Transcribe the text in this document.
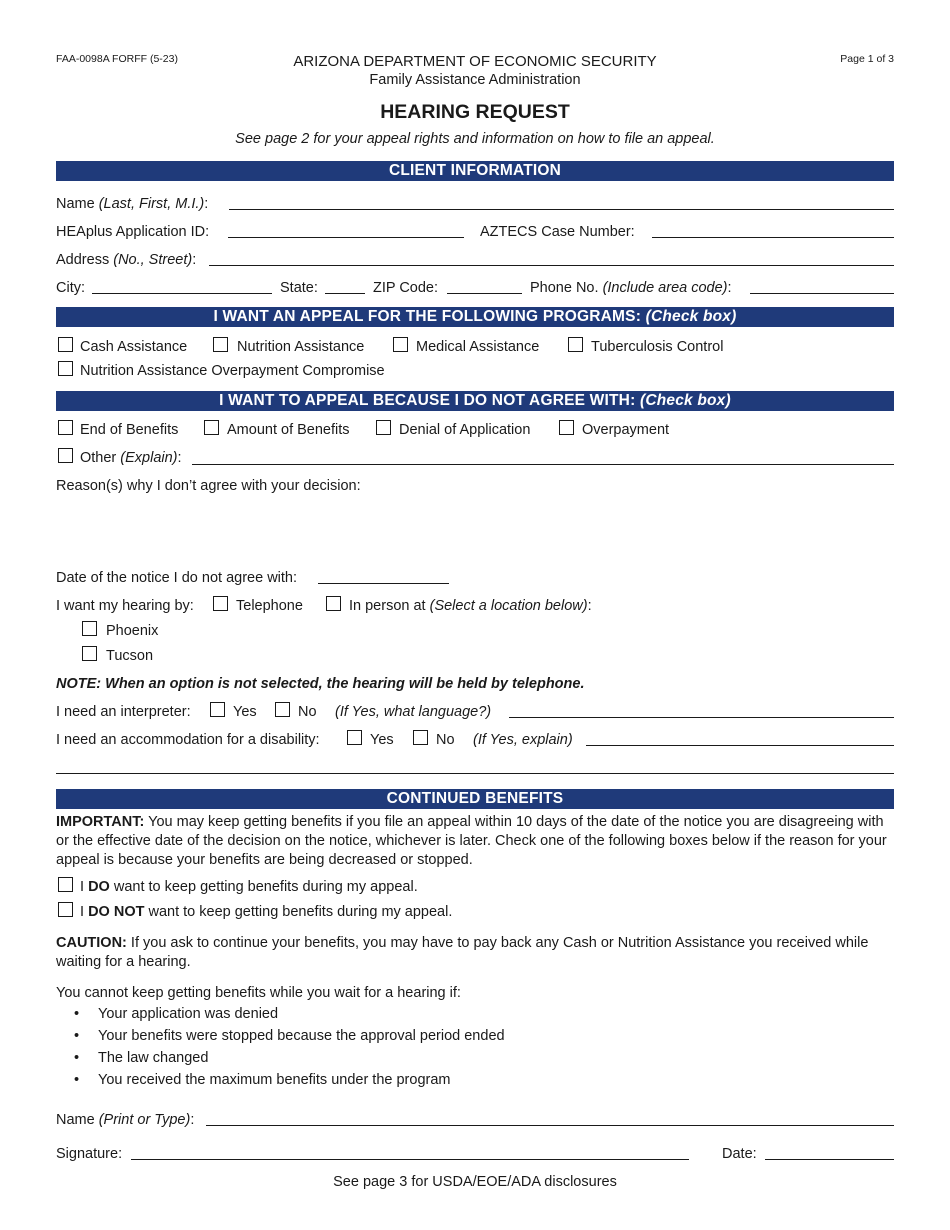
FAA-0098A FORFF (5-23)	ARIZONA DEPARTMENT OF ECONOMIC SECURITY
Family Assistance Administration
Page 1 of 3
HEARING REQUEST
See page 2 for your appeal rights and information on how to file an appeal.
CLIENT INFORMATION
Name (Last, First, M.I.):
HEAplus Application ID:	AZTECS Case Number:
Address (No., Street):
City:	State:	ZIP Code:	Phone No. (Include area code):
I WANT AN APPEAL FOR THE FOLLOWING PROGRAMS: (Check box)
Cash Assistance	Nutrition Assistance	Medical Assistance	Tuberculosis Control
Nutrition Assistance Overpayment Compromise
I WANT TO APPEAL BECAUSE I DO NOT AGREE WITH: (Check box)
End of Benefits	Amount of Benefits	Denial of Application	Overpayment
Other (Explain):
Reason(s) why I don’t agree with your decision:
Date of the notice I do not agree with:
I want my hearing by:	Telephone	In person at (Select a location below):
Phoenix
Tucson
NOTE: When an option is not selected, the hearing will be held by telephone.
I need an interpreter:	Yes	No (If Yes, what language?)
I need an accommodation for a disability:	Yes	No (If Yes, explain)
CONTINUED BENEFITS
IMPORTANT: You may keep getting benefits if you file an appeal within 10 days of the date of the notice you are disagreeing with or the effective date of the decision on the notice, whichever is later. Check one of the following boxes below if the reason for your appeal is because your benefits are being decreased or stopped.
I DO want to keep getting benefits during my appeal.
I DO NOT want to keep getting benefits during my appeal.
CAUTION: If you ask to continue your benefits, you may have to pay back any Cash or Nutrition Assistance you received while waiting for a hearing.
You cannot keep getting benefits while you wait for a hearing if:
• Your application was denied
• Your benefits were stopped because the approval period ended
• The law changed
• You received the maximum benefits under the program
Name (Print or Type):
Signature:	Date:
See page 3 for USDA/EOE/ADA disclosures
